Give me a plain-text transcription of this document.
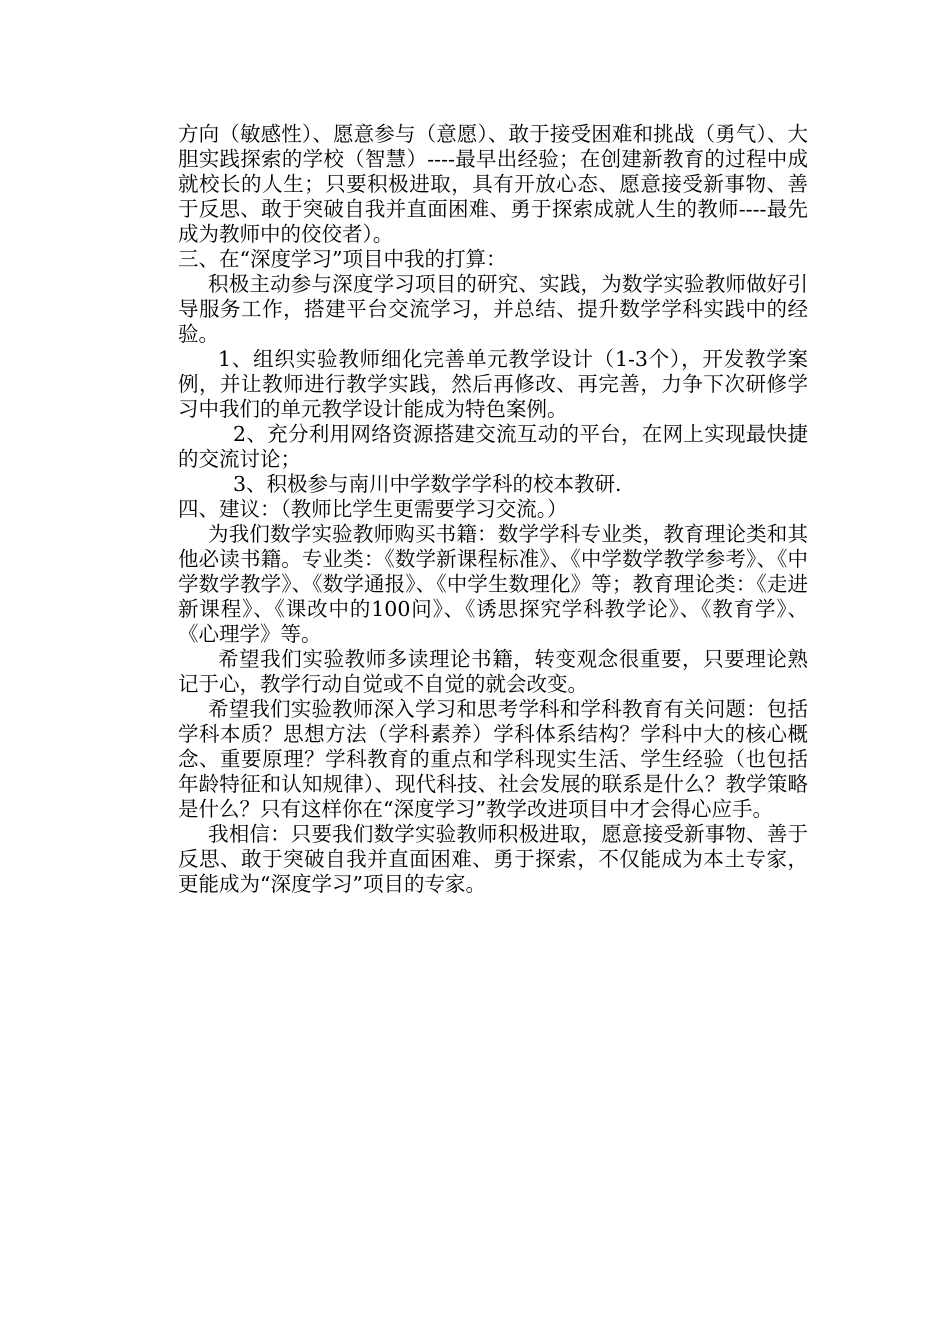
方向（敏感性）、愿意参与（意愿）、敢于接受困难和挑战（勇气）、大胆实践探索的学校（智慧）----最早出经验；在创建新教育的过程中成就校长的人生；只要积极进取，具有开放心态、愿意接受新事物、善于反思、敢于突破自我并直面困难、勇于探索成就人生的教师----最先成为教师中的佼佼者）。

三、在“深度学习”项目中我的打算：

积极主动参与深度学习项目的研究、实践，为数学实验教师做好引导服务工作，搭建平台交流学习，并总结、提升数学学科实践中的经验。

1、组织实验教师细化完善单元教学设计（1-3个），开发教学案例，并让教师进行教学实践，然后再修改、再完善，力争下次研修学习中我们的单元教学设计能成为特色案例。

2、充分利用网络资源搭建交流互动的平台，在网上实现最快捷的交流讨论；

3、积极参与南川中学数学学科的校本教研.

四、建议：（教师比学生更需要学习交流。）

为我们数学实验教师购买书籍：数学学科专业类，教育理论类和其他必读书籍。专业类：《数学新课程标准》、《中学数学教学参考》、《中学数学教学》、《数学通报》、《中学生数理化》等；教育理论类：《走进新课程》、《课改中的100问》、《诱思探究学科教学论》、《教育学》、《心理学》等。

希望我们实验教师多读理论书籍，转变观念很重要，只要理论熟记于心，教学行动自觉或不自觉的就会改变。

希望我们实验教师深入学习和思考学科和学科教育有关问题：包括学科本质？思想方法（学科素养）学科体系结构？学科中大的核心概念、重要原理？学科教育的重点和学科现实生活、学生经验（也包括年龄特征和认知规律）、现代科技、社会发展的联系是什么？教学策略是什么？只有这样你在“深度学习”教学改进项目中才会得心应手。

我相信：只要我们数学实验教师积极进取，愿意接受新事物、善于反思、敢于突破自我并直面困难、勇于探索，不仅能成为本土专家，更能成为“深度学习”项目的专家。
